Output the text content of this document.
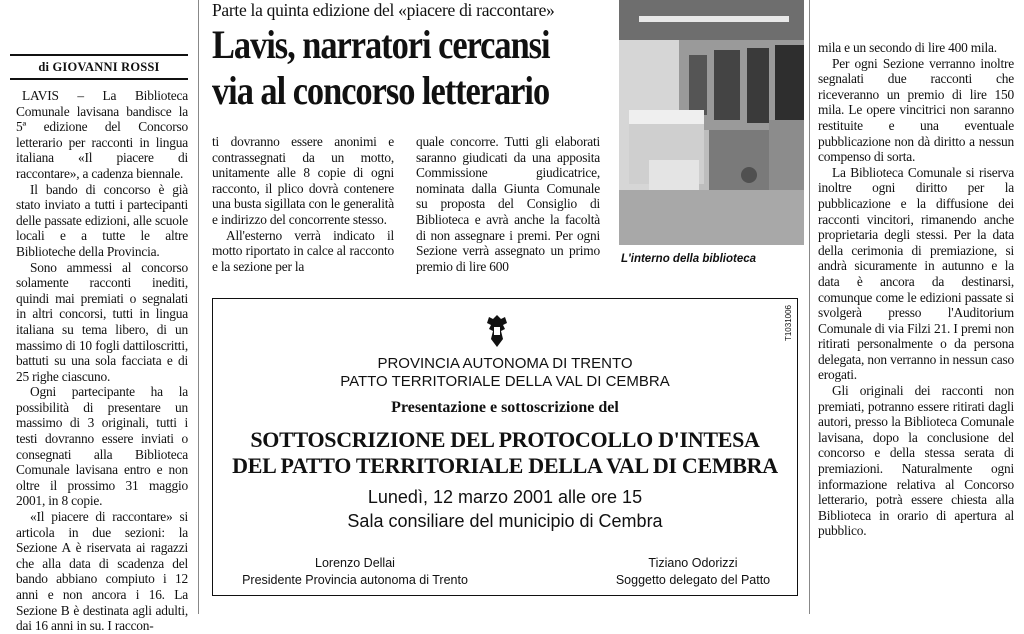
di GIOVANNI ROSSI

LAVIS – La Biblioteca Comunale lavisana bandisce la 5ª edizione del Concorso letterario per racconti in lingua italiana «Il piacere di raccontare», a cadenza biennale.

Il bando di concorso è già stato inviato a tutti i partecipanti delle passate edizioni, alle scuole locali e a tutte le altre Biblioteche della Provincia.

Sono ammessi al concorso solamente racconti inediti, quindi mai premiati o segnalati in altri concorsi, tutti in lingua italiana su tema libero, di un massimo di 10 fogli dattiloscritti, battuti su una sola facciata e di 25 righe ciascuno.

Ogni partecipante ha la possibilità di presentare un massimo di 3 originali, tutti i testi dovranno essere inviati o consegnati alla Biblioteca Comunale lavisana entro e non oltre il prossimo 31 maggio 2001, in 8 copie.

«Il piacere di raccontare» si articola in due sezioni: la Sezione A è riservata ai ragazzi che alla data di scadenza del bando abbiano compiuto i 12 anni e non ancora i 16. La Sezione B è destinata agli adulti, dai 16 anni in su. I raccon-

Parte la quinta edizione del «piacere di raccontare»
Lavis, narratori cercansi
via al concorso letterario

ti dovranno essere anonimi e contrassegnati da un motto, unitamente alle 8 copie di ogni racconto, il plico dovrà contenere una busta sigillata con le generalità e indirizzo del concorrente stesso.

All'esterno verrà indicato il motto riportato in calce al racconto e la sezione per la

quale concorre. Tutti gli elaborati saranno giudicati da una apposita Commissione giudicatrice, nominata dalla Giunta Comunale su proposta del Consiglio di Biblioteca e avrà anche la facoltà di non assegnare i premi. Per ogni Sezione verrà assegnato un primo premio di lire 600	L'interno della biblioteca

mila e un secondo di lire 400 mila.

Per ogni Sezione verranno inoltre segnalati due racconti che riceveranno un premio di lire 150 mila. Le opere vincitrici non saranno restituite e una eventuale pubblicazione non dà diritto a nessun compenso di sorta.

La Biblioteca Comunale si riserva inoltre ogni diritto per la pubblicazione e la diffusione dei racconti vincitori, rimanendo anche proprietaria degli stessi. Per la data della cerimonia di premiazione, si andrà sicuramente in autunno e la data è ancora da destinarsi, comunque come le edizioni passate si svolgerà presso l'Auditorium Comunale di via Filzi 21. I premi non ritirati personalmente o da persona delegata, non verranno in nessun caso erogati.

Gli originali dei racconti non premiati, potranno essere ritirati dagli autori, presso la Biblioteca Comunale lavisana, dopo la conclusione del concorso e della stessa serata di premiazioni. Naturalmente ogni informazione relativa al Concorso letterario, potrà essere chiesta alla Biblioteca in orario di apertura al pubblico.

T1031006
PROVINCIA AUTONOMA DI TRENTO
PATTO TERRITORIALE DELLA VAL DI CEMBRA
Presentazione e sottoscrizione del
SOTTOSCRIZIONE DEL PROTOCOLLO D'INTESA
DEL PATTO TERRITORIALE DELLA VAL DI CEMBRA
Lunedì, 12 marzo 2001 alle ore 15
Sala consiliare del municipio di Cembra
Lorenzo Dellai
Presidente Provincia autonoma di Trento
Tiziano Odorizzi
Soggetto delegato del Patto
